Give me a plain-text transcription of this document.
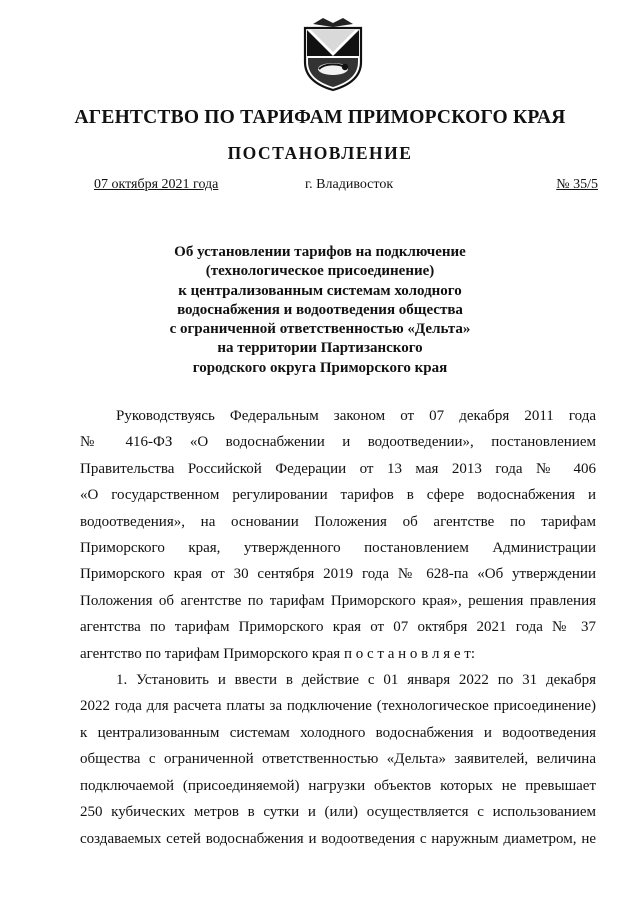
АГЕНТСТВО ПО ТАРИФАМ ПРИМОРСКОГО КРАЯ
ПОСТАНОВЛЕНИЕ
07 октября 2021 года	г. Владивосток	№ 35/5
Об установлении тарифов на подключение
(технологическое присоединение)
к централизованным системам холодного
водоснабжения и водоотведения общества
с ограниченной ответственностью «Дельта»
на территории Партизанского
городского округа Приморского края
Руководствуясь Федеральным законом от 07 декабря 2011 года
№ 416-ФЗ «О водоснабжении и водоотведении», постановлением
Правительства Российской Федерации от 13 мая 2013 года № 406
«О государственном регулировании тарифов в сфере водоснабжения и
водоотведения», на основании Положения об агентстве по тарифам
Приморского края, утвержденного постановлением Администрации
Приморского края от 30 сентября 2019 года № 628-па «Об утверждении
Положения об агентстве по тарифам Приморского края», решения правления
агентства по тарифам Приморского края от 07 октября 2021 года № 37
агентство по тарифам Приморского края п о с т а н о в л я е т:
1. Установить и ввести в действие с 01 января 2022 по 31 декабря
2022 года для расчета платы за подключение (технологическое присоединение)
к централизованным системам холодного водоснабжения и водоотведения
общества с ограниченной ответственностью «Дельта» заявителей, величина
подключаемой (присоединяемой) нагрузки объектов которых не превышает
250 кубических метров в сутки и (или) осуществляется с использованием
создаваемых сетей водоснабжения и водоотведения с наружным диаметром, не
